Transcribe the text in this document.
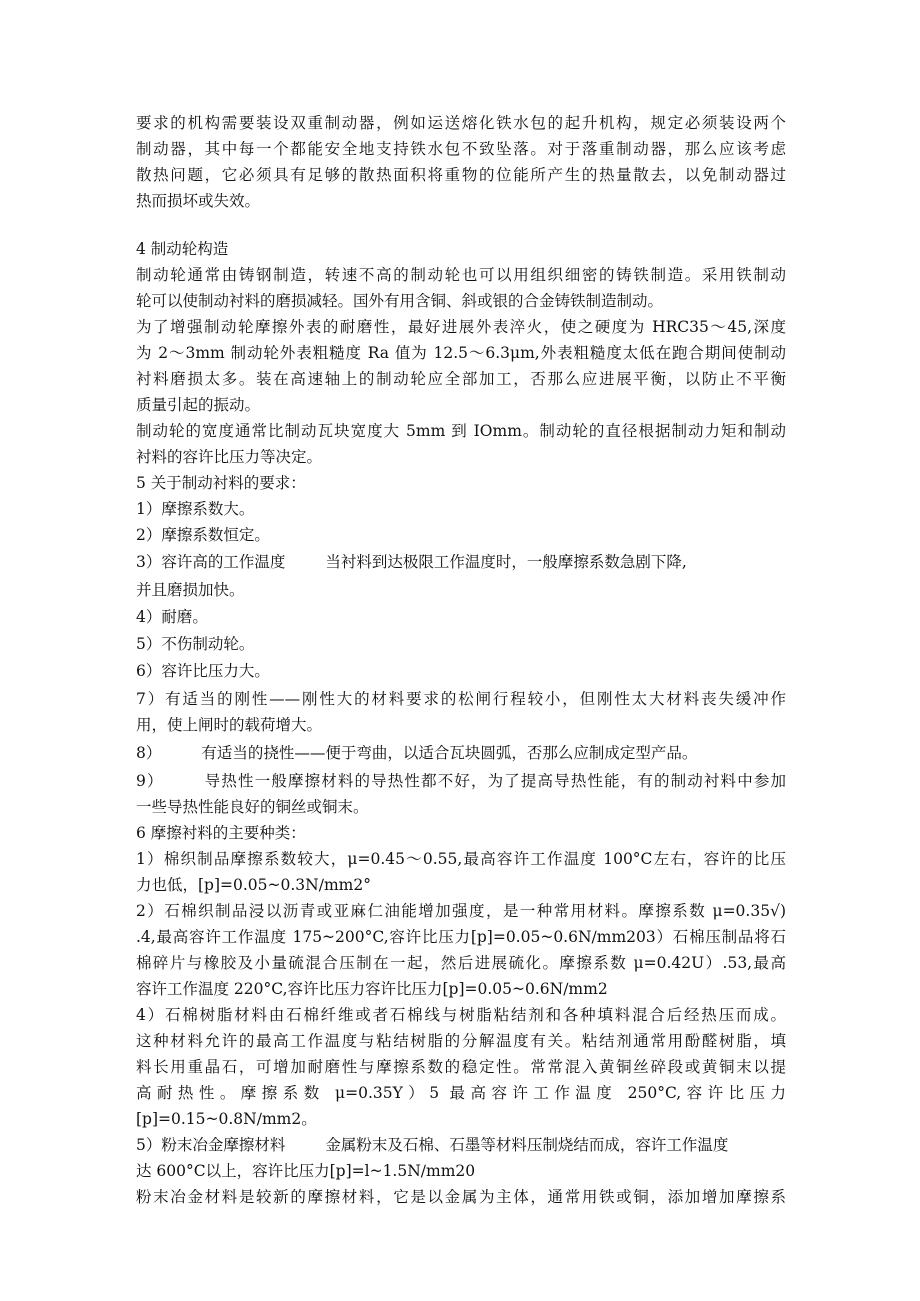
要求的机构需要装设双重制动器，例如运送熔化铁水包的起升机构，规定必须装设两个
制动器，其中每一个都能安全地支持铁水包不致坠落。对于落重制动器，那么应该考虑
散热问题，它必须具有足够的散热面积将重物的位能所产生的热量散去，以免制动器过
热而损坏或失效。
4 制动轮构造
制动轮通常由铸钢制造，转速不高的制动轮也可以用组织细密的铸铁制造。采用铁制动
轮可以使制动衬料的磨损减轻。国外有用含铜、斜或银的合金铸铁制造制动。
为了增强制动轮摩擦外表的耐磨性，最好进展外表淬火，使之硬度为 HRC35～45,深度
为 2～3mm 制动轮外表粗糙度 Ra 值为 12.5～6.3μm,外表粗糙度太低在跑合期间使制动
衬料磨损太多。装在高速轴上的制动轮应全部加工，否那么应进展平衡，以防止不平衡
质量引起的振动。
制动轮的宽度通常比制动瓦块宽度大 5mm 到 IOmm。制动轮的直径根据制动力矩和制动
衬料的容许比压力等决定。
5 关于制动衬料的要求：
1）摩擦系数大。
2）摩擦系数恒定。
3）容许高的工作温度	当衬料到达极限工作温度时，一般摩擦系数急剧下降,
并且磨损加快。
4）耐磨。
5）不伤制动轮。
6）容许比压力大。
7）有适当的刚性——刚性大的材料要求的松闸行程较小，但刚性太大材料丧失缓冲作
用，使上闸时的载荷增大。
8）	有适当的挠性——便于弯曲，以适合瓦块圆弧，否那么应制成定型产品。
9）	导热性一般摩擦材料的导热性都不好，为了提高导热性能，有的制动衬料中参加
一些导热性能良好的铜丝或铜末。
6 摩擦衬料的主要种类：
1）棉织制品摩擦系数较大，μ=0.45～0.55,最高容许工作温度 100°C左右，容许的比压
力也低，[p]=0.05~0.3N∕mm2°
2）石棉织制品浸以沥青或亚麻仁油能增加强度，是一种常用材料。摩擦系数 μ=0.35√)
.4,最高容许工作温度 175~200°C,容许比压力[p]=0.05~0.6N∕mm203）石棉压制品将石
棉碎片与橡胶及小量硫混合压制在一起，然后进展硫化。摩擦系数 μ=0.42U）.53,最高
容许工作温度 220°C,容许比压力容许比压力[p]=0.05~0.6N∕mm2
4）石棉树脂材料由石棉纤维或者石棉线与树脂粘结剂和各种填料混合后经热压而成。
这种材料允许的最高工作温度与粘结树脂的分解温度有关。粘结剂通常用酚醛树脂，填
料长用重晶石，可增加耐磨性与摩擦系数的稳定性。常常混入黄铜丝碎段或黄铜末以提
高耐热性。摩擦系数 μ=0.35Y）5 最高容许工作温度 250°C,容许比压力
[p]=0.15~0.8N∕mm2。
5）粉末冶金摩擦材料	金属粉末及石棉、石墨等材料压制烧结而成，容许工作温度
达 600°C以上，容许比压力[p]=l~1.5N∕mm20
粉末冶金材料是较新的摩擦材料，它是以金属为主体，通常用铁或铜，添加增加摩擦系
